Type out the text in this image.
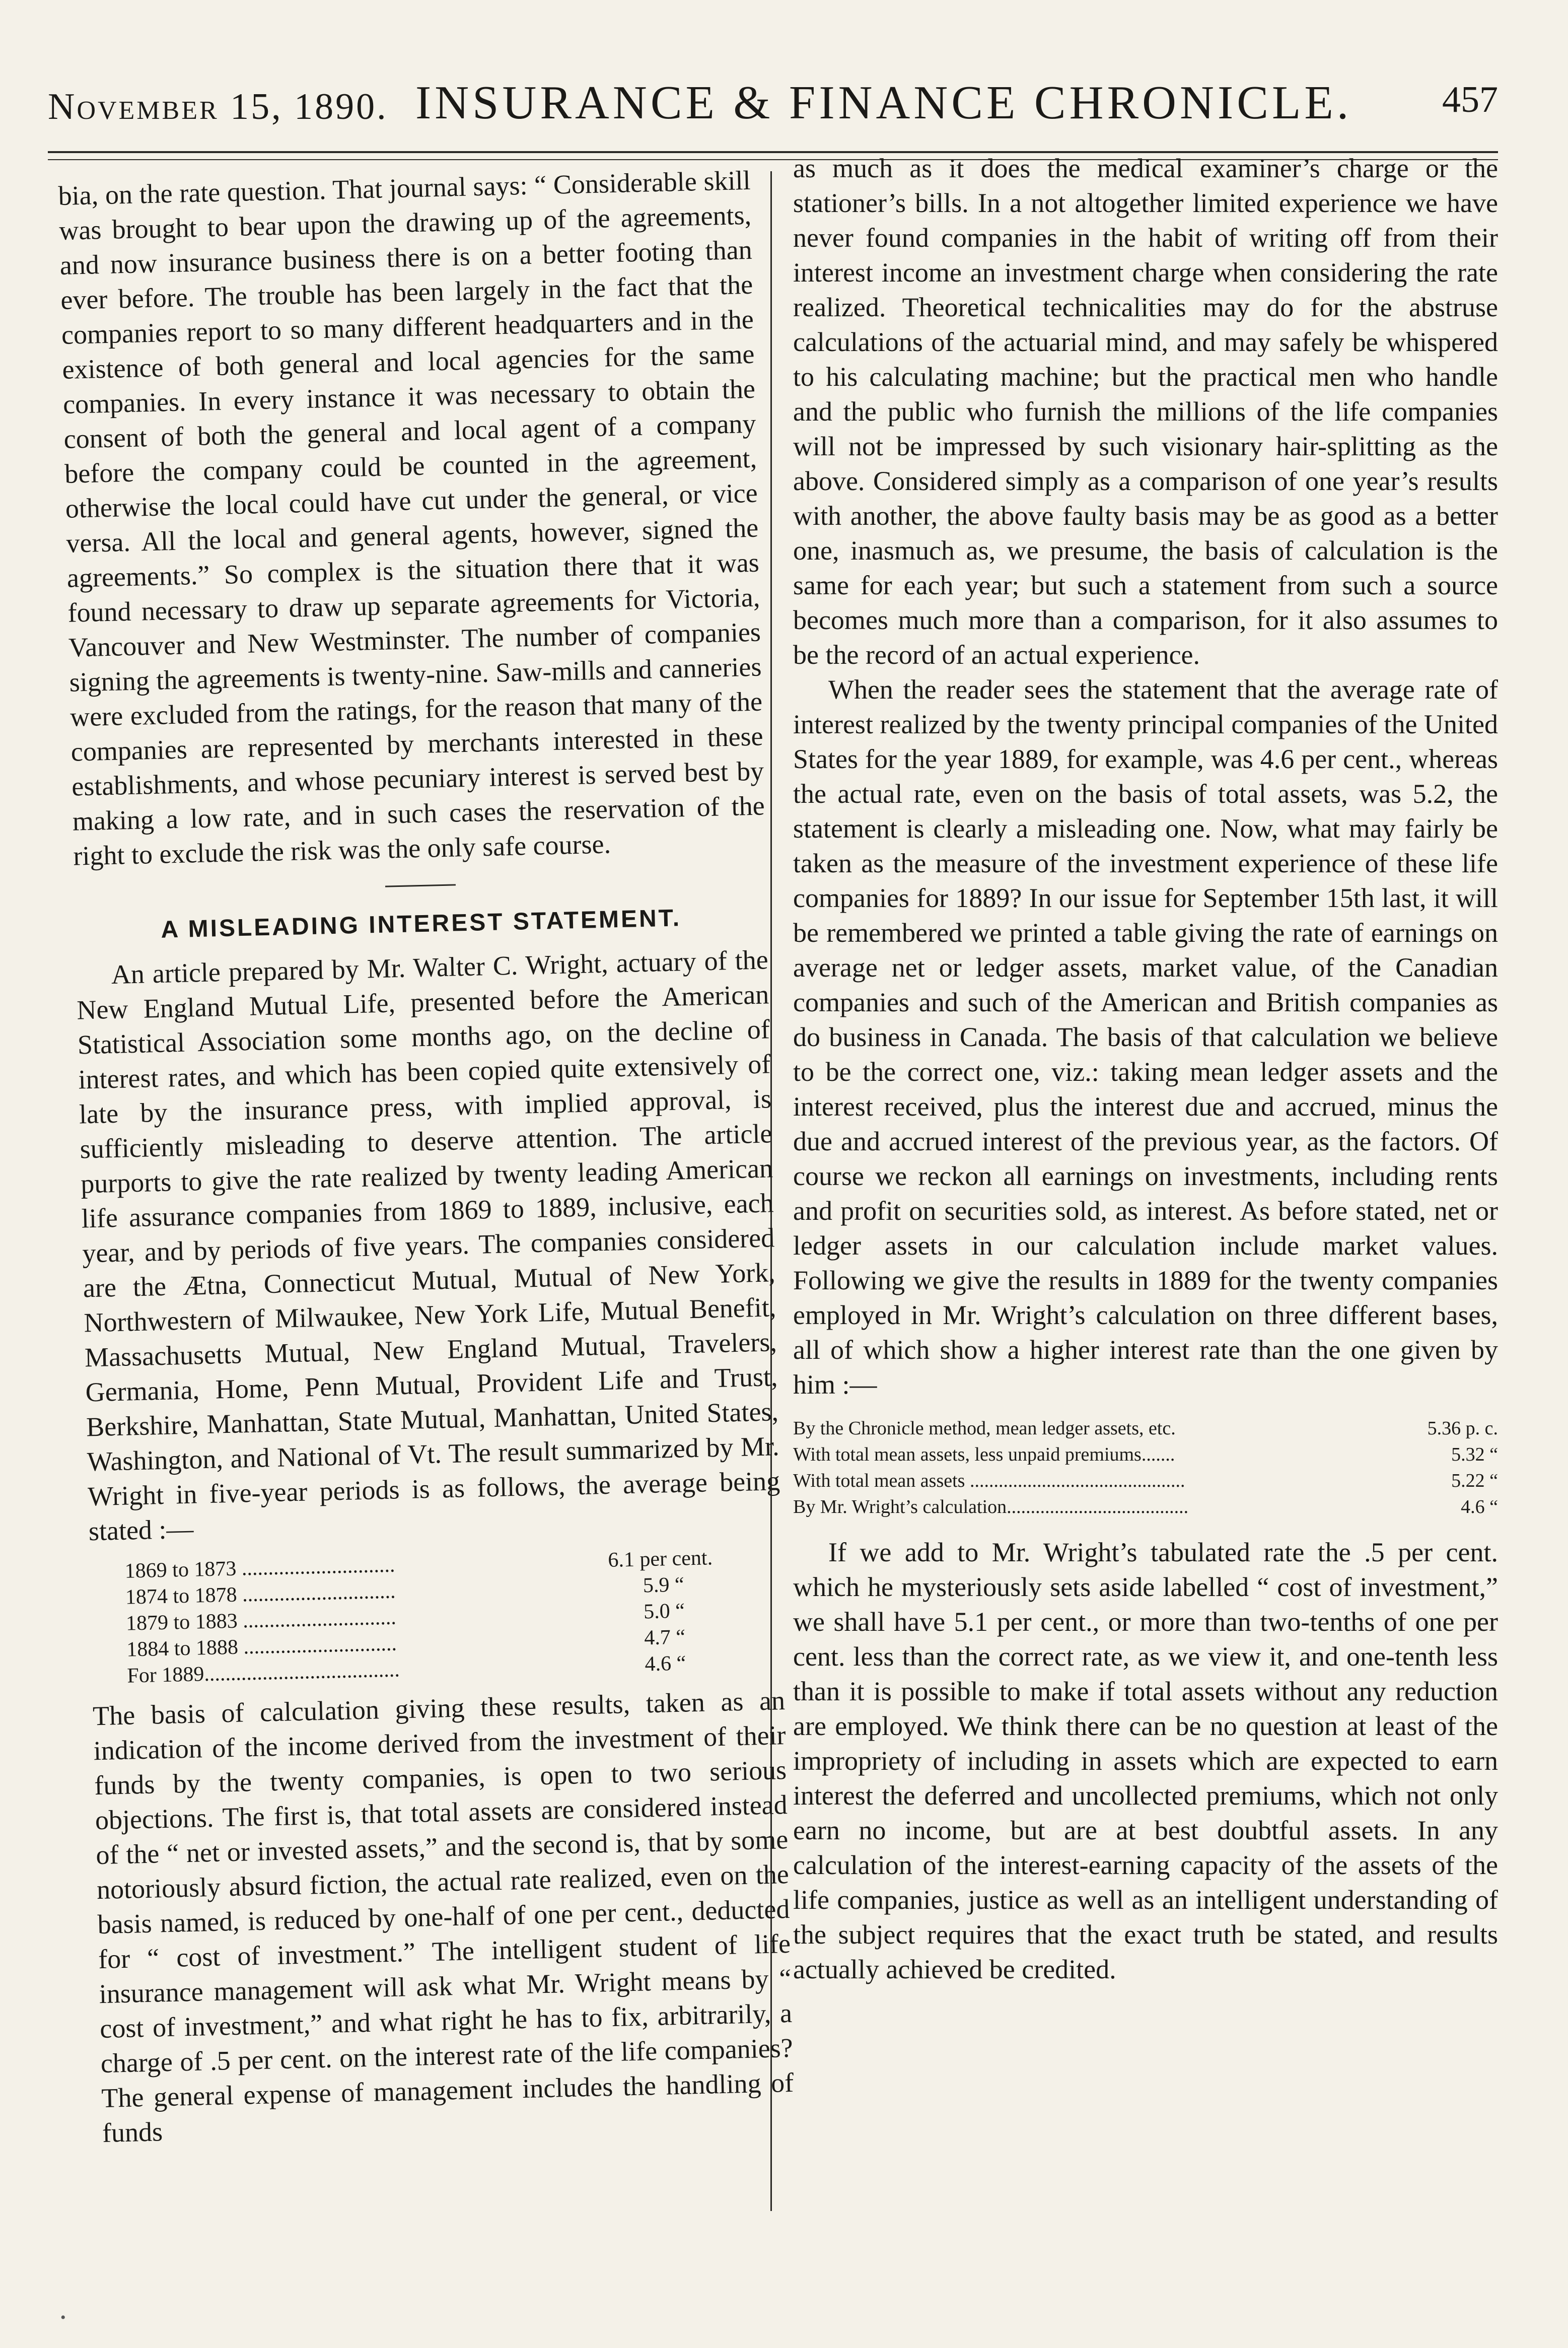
November 15, 1890. INSURANCE & FINANCE CHRONICLE. 457

bia, on the rate question. That journal says: “ Considerable skill was brought to bear upon the drawing up of the agreements, and now insurance business there is on a better footing than ever before. The trouble has been largely in the fact that the companies report to so many different headquarters and in the existence of both general and local agencies for the same companies. In every instance it was necessary to obtain the consent of both the general and local agent of a company before the company could be counted in the agreement, otherwise the local could have cut under the general, or vice versa. All the local and general agents, however, signed the agreements.” So complex is the situation there that it was found necessary to draw up separate agreements for Victoria, Vancouver and New Westminster. The number of companies signing the agreements is twenty-nine. Saw-mills and canneries were excluded from the ratings, for the reason that many of the companies are represented by merchants interested in these establishments, and whose pecuniary interest is served best by making a low rate, and in such cases the reservation of the right to exclude the risk was the only safe course.

A MISLEADING INTEREST STATEMENT.

An article prepared by Mr. Walter C. Wright, actuary of the New England Mutual Life, presented before the American Statistical Association some months ago, on the decline of interest rates, and which has been copied quite extensively of late by the insurance press, with implied approval, is sufficiently misleading to deserve attention. The article purports to give the rate realized by twenty leading American life assurance companies from 1869 to 1889, inclusive, each year, and by periods of five years. The companies considered are the Ætna, Connecticut Mutual, Mutual of New York, Northwestern of Milwaukee, New York Life, Mutual Benefit, Massachusetts Mutual, New England Mutual, Travelers, Germania, Home, Penn Mutual, Provident Life and Trust, Berkshire, Manhattan, State Mutual, Manhattan, United States, Washington, and National of Vt. The result summarized by Mr. Wright in five-year periods is as follows, the average being stated :—

1869 to 1873 .............................	6.1 per cent.
1874 to 1878 .............................	5.9 “
1879 to 1883 .............................	5.0 “
1884 to 1888 .............................	4.7 “
For 1889.....................................	4.6 “

The basis of calculation giving these results, taken as an indication of the income derived from the investment of their funds by the twenty companies, is open to two serious objections. The first is, that total assets are considered instead of the “ net or invested assets,” and the second is, that by some notoriously absurd fiction, the actual rate realized, even on the basis named, is reduced by one-half of one per cent., deducted for “ cost of investment.” The intelligent student of life insurance management will ask what Mr. Wright means by “ cost of investment,” and what right he has to fix, arbitrarily, a charge of .5 per cent. on the interest rate of the life companies? The general expense of management includes the handling of funds

as much as it does the medical examiner’s charge or the stationer’s bills. In a not altogether limited experience we have never found companies in the habit of writing off from their interest income an investment charge when considering the rate realized. Theoretical technicalities may do for the abstruse calculations of the actuarial mind, and may safely be whispered to his calculating machine; but the practical men who handle and the public who furnish the millions of the life companies will not be impressed by such visionary hair-splitting as the above. Considered simply as a comparison of one year’s results with another, the above faulty basis may be as good as a better one, inasmuch as, we presume, the basis of calculation is the same for each year; but such a statement from such a source becomes much more than a comparison, for it also assumes to be the record of an actual experience.

When the reader sees the statement that the average rate of interest realized by the twenty principal companies of the United States for the year 1889, for example, was 4.6 per cent., whereas the actual rate, even on the basis of total assets, was 5.2, the statement is clearly a misleading one. Now, what may fairly be taken as the measure of the investment experience of these life companies for 1889? In our issue for September 15th last, it will be remembered we printed a table giving the rate of earnings on average net or ledger assets, market value, of the Canadian companies and such of the American and British companies as do business in Canada. The basis of that calculation we believe to be the correct one, viz.: taking mean ledger assets and the interest received, plus the interest due and accrued, minus the due and accrued interest of the previous year, as the factors. Of course we reckon all earnings on investments, including rents and profit on securities sold, as interest. As before stated, net or ledger assets in our calculation include market values. Following we give the results in 1889 for the twenty companies employed in Mr. Wright’s calculation on three different bases, all of which show a higher interest rate than the one given by him :—

By the Chronicle method, mean ledger assets, etc.	5.36 p. c.
With total mean assets, less unpaid premiums.......	5.32 “
With total mean assets .............................................	5.22 “
By Mr. Wright’s calculation......................................	4.6 “

If we add to Mr. Wright’s tabulated rate the .5 per cent. which he mysteriously sets aside labelled “ cost of investment,” we shall have 5.1 per cent., or more than two-tenths of one per cent. less than the correct rate, as we view it, and one-tenth less than it is possible to make if total assets without any reduction are employed. We think there can be no question at least of the impropriety of including in assets which are expected to earn interest the deferred and uncollected premiums, which not only earn no income, but are at best doubtful assets. In any calculation of the interest-earning capacity of the assets of the life companies, justice as well as an intelligent understanding of the subject requires that the exact truth be stated, and results actually achieved be credited.

•
